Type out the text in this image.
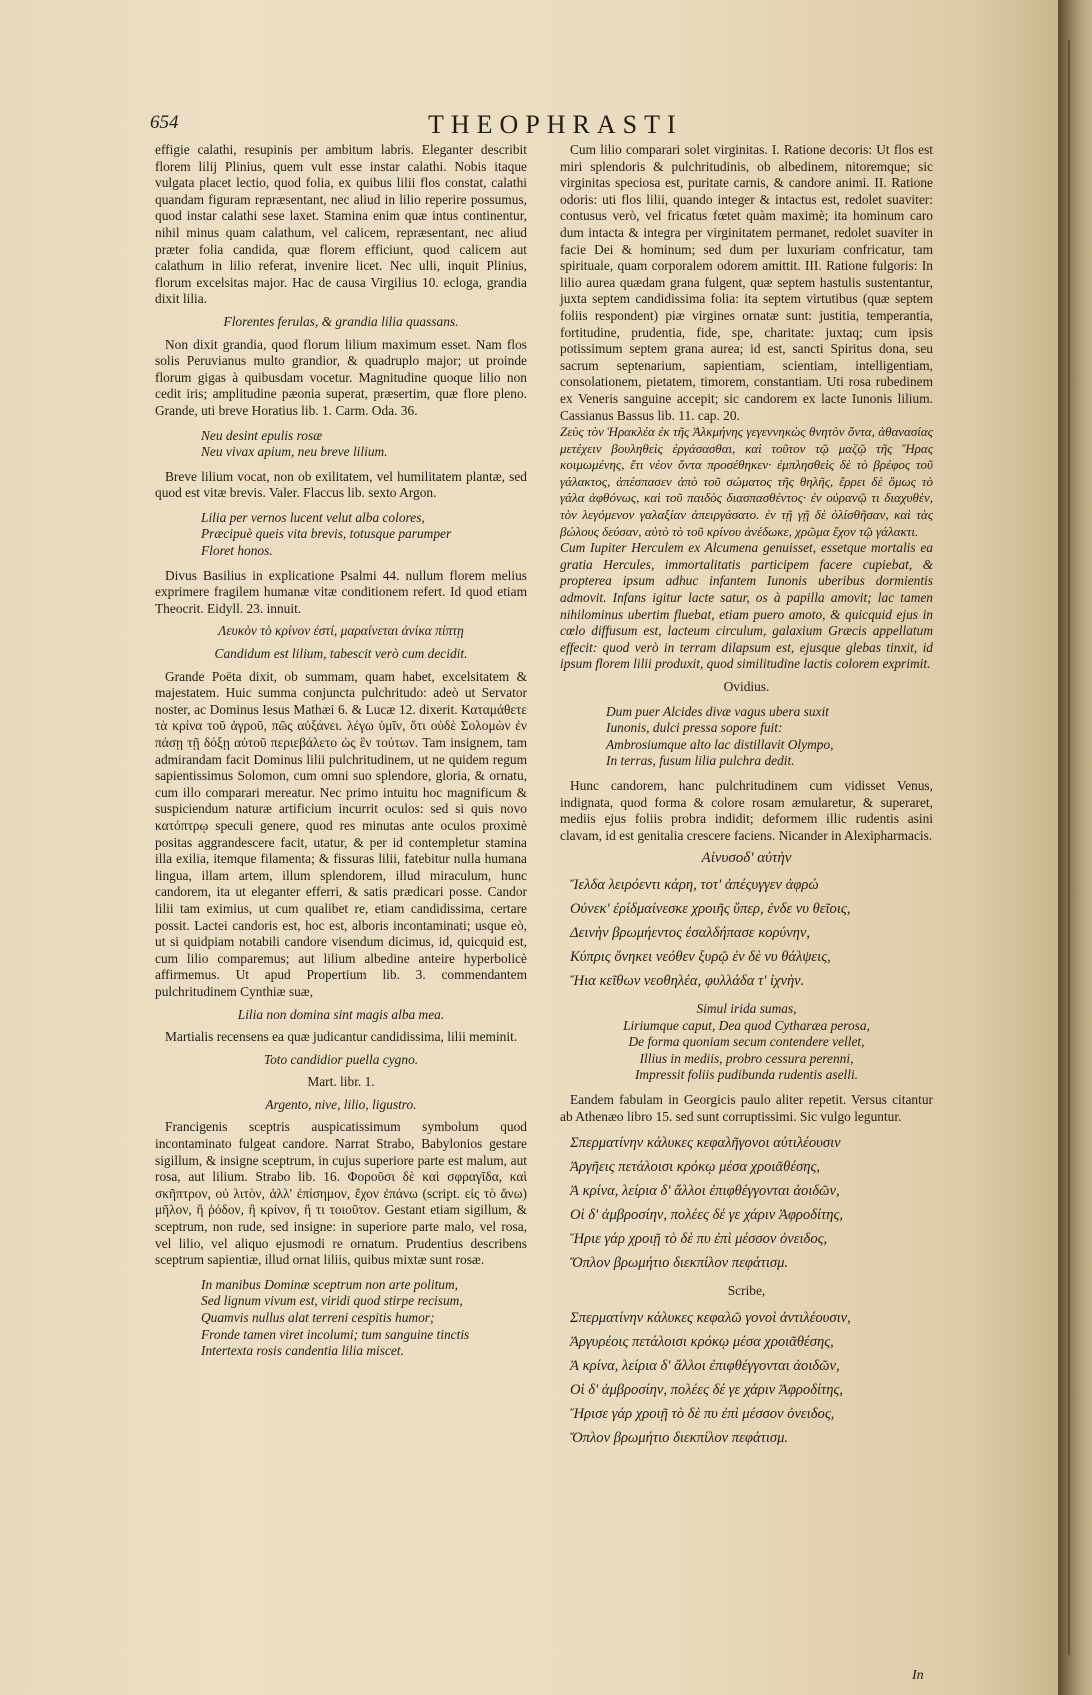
654	THEOPHRASTI

effigie calathi, resupinis per ambitum labris. Eleganter describit florem lilij Plinius, quem vult esse instar calathi. Nobis itaque vulgata placet lectio, quod folia, ex quibus lilii flos constat, calathi quandam figuram repræsentant, nec aliud in lilio reperire possumus, quod instar calathi sese laxet. Stamina enim quæ intus continentur, nihil minus quam calathum, vel calicem, repræsentant, nec aliud præter folia candida, quæ florem efficiunt, quod calicem aut calathum in lilio referat, invenire licet. Nec ulli, inquit Plinius, florum excelsitas major. Hac de causa Virgilius 10. ecloga, grandia dixit lilia.

Florentes ferulas, & grandia lilia quassans.

Non dixit grandia, quod florum lilium maximum esset. Nam flos solis Peruvianus multo grandior, & quadruplo major; ut proinde florum gigas à quibusdam vocetur. Magnitudine quoque lilio non cedit iris; amplitudine pæonia superat, præsertim, quæ flore pleno. Grande, uti breve Horatius lib. 1. Carm. Oda. 36.

Neu desint epulis rosæ
Neu vivax apium, neu breve lilium.

Breve lilium vocat, non ob exilitatem, vel humilitatem plantæ, sed quod est vitæ brevis. Valer. Flaccus lib. sexto Argon.

Lilia per vernos lucent velut alba colores,
Præcipuè queis vita brevis, totusque parumper
Floret honos.

Divus Basilius in explicatione Psalmi 44. nullum florem melius exprimere fragilem humanæ vitæ conditionem refert. Id quod etiam Theocrit. Eidyll. 23. innuit.

Λευκὸν τὸ κρίνον ἐστί, μαραίνεται ἀνίκα πίπτῃ
Candidum est lilium, tabescit verò cum decidit.

Grande Poëta dixit, ob summam, quam habet, excelsitatem & majestatem. Huic summa conjuncta pulchritudo: adeò ut Servator noster, ac Dominus Iesus Mathæi 6. & Lucæ 12. dixerit. Καταμάθετε τὰ κρίνα τοῦ ἀγροῦ, πῶς αὐξάνει. λέγω ὑμῖν, ὅτι οὐδὲ Σολομὼν ἐν πάσῃ τῇ δόξῃ αὐτοῦ περιεβάλετο ὡς ἓν τούτων. Tam insignem, tam admirandam facit Dominus lilii pulchritudinem, ut ne quidem regum sapientissimus Solomon, cum omni suo splendore, gloria, & ornatu, cum illo comparari mereatur. Nec primo intuitu hoc magnificum & suspiciendum naturæ artificium incurrit oculos: sed si quis novo κατόπτρῳ speculi genere, quod res minutas ante oculos proximè positas aggrandescere facit, utatur, & per id contempletur stamina illa exilia, itemque filamenta; & fissuras lilii, fatebitur nulla humana lingua, illam artem, illum splendorem, illud miraculum, hunc candorem, ita ut eleganter efferri, & satis prædicari posse. Candor lilii tam eximius, ut cum qualibet re, etiam candidissima, certare possit. Lactei candoris est, hoc est, alboris incontaminati; usque eò, ut si quidpiam notabili candore visendum dicimus, id, quicquid est, cum lilio comparemus; aut lilium albedine anteire hyperbolicè affirmemus. Ut apud Propertium lib. 3. commendantem pulchritudinem Cynthiæ suæ,

Lilia non domina sint magis alba mea.

Martialis recensens ea quæ judicantur candidissima, lilii meminit.

Toto candidior puella cygno.
Mart. libr. 1.
Argento, nive, lilio, ligustro.

Francigenis sceptris auspicatissimum symbolum quod incontaminato fulgeat candore. Narrat Strabo, Babylonios gestare sigillum, & insigne sceptrum, in cujus superiore parte est malum, aut rosa, aut lilium. Strabo lib. 16. Φοροῦσι δὲ καὶ σφραγῖδα, καὶ σκῆπτρον, οὐ λιτὸν, ἀλλ' ἐπίσημον, ἔχον ἐπάνω (script. εἰς τὸ ἄνω) μῆλον, ἢ ῥόδον, ἢ κρίνον, ἤ τι τοιοῦτον. Gestant etiam sigillum, & sceptrum, non rude, sed insigne: in superiore parte malo, vel rosa, vel lilio, vel aliquo ejusmodi re ornatum. Prudentius describens sceptrum sapientiæ, illud ornat liliis, quibus mixtæ sunt rosæ.

In manibus Dominæ sceptrum non arte politum,
Sed lignum vivum est, viridi quod stirpe recisum,
Quamvis nullus alat terreni cespitis humor;
Fronde tamen viret incolumi; tum sanguine tinctis
Intertexta rosis candentia lilia miscet.

Cum lilio comparari solet virginitas. I. Ratione decoris: Ut flos est miri splendoris & pulchritudinis, ob albedinem, nitoremque; sic virginitas speciosa est, puritate carnis, & candore animi. II. Ratione odoris: uti flos lilii, quando integer & intactus est, redolet suaviter: contusus verò, vel fricatus fœtet quàm maximè; ita hominum caro dum intacta & integra per virginitatem permanet, redolet suaviter in facie Dei & hominum; sed dum per luxuriam confricatur, tam spirituale, quam corporalem odorem amittit. III. Ratione fulgoris: In lilio aurea quædam grana fulgent, quæ septem hastulis sustentantur, juxta septem candidissima folia: ita septem virtutibus (quæ septem foliis respondent) piæ virgines ornatæ sunt: justitia, temperantia, fortitudine, prudentia, fide, spe, charitate: juxtaq; cum ipsis potissimum septem grana aurea; id est, sancti Spiritus dona, seu sacrum septenarium, sapientiam, scientiam, intelligentiam, consolationem, pietatem, timorem, constantiam. Uti rosa rubedinem ex Veneris sanguine accepit; sic candorem ex lacte Iunonis lilium. Cassianus Bassus lib. 11. cap. 20.

Ζεὺς τὸν Ἡρακλέα ἐκ τῆς Ἀλκμήνης γεγεννηκὼς θνητὸν ὄντα, ἀθανασίας μετέχειν βουληθεὶς ἐργάσασθαι, καὶ τοῦτον τῷ μαζῷ τῆς Ἥρας κοιμωμένης, ἔτι νέον ὄντα προσέθηκεν· ἐμπλησθεὶς δὲ τὸ βρέφος τοῦ γάλακτος, ἀπέσπασεν ἀπὸ τοῦ σώματος τῆς θηλῆς, ἔρρει δὲ ὅμως τὸ γάλα ἀφθόνως, καὶ τοῦ παιδὸς διασπασθέντος· ἐν οὐρανῷ τι διαχυθὲν, τὸν λεγόμενον γαλαξίαν ἀπειργάσατο. ἐν τῇ γῇ δὲ ὀλίσθῆσαν, καὶ τὰς βώλους δεύσαν, αὐτὸ τὸ τοῦ κρίνου ἀνέδωκε, χρῶμα ἔχον τῷ γάλακτι.

Cum Iupiter Herculem ex Alcumena genuisset, essetque mortalis ea gratia Hercules, immortalitatis participem facere cupiebat, & propterea ipsum adhuc infantem Iunonis uberibus dormientis admovit. Infans igitur lacte satur, os à papilla amovit; lac tamen nihilominus ubertim fluebat, etiam puero amoto, & quicquid ejus in cœlo diffusum est, lacteum circulum, galaxium Græcis appellatum effecit: quod verò in terram dilapsum est, ejusque glebas tinxit, id ipsum florem lilii produxit, quod similitudine lactis colorem exprimit.

Ovidius.
Dum puer Alcides divæ vagus ubera suxit
Iunonis, dulci pressa sopore fuit:
Ambrosiumque alto lac distillavit Olympo,
In terras, fusum lilia pulchra dedit.

Hunc candorem, hanc pulchritudinem cum vidisset Venus, indignata, quod forma & colore rosam æmularetur, & superaret, mediis ejus foliis probra indidit; deformem illic rudentis asini clavam, id est genitalia crescere faciens. Nicander in Alexipharmacis.

Αἰνυσοδ' αὐτὴν
Ἴελδα λειρόεντι κάρη, τοτ' ἀπέςυγγεν ἀφρώ
Οὐνεκ' ἐρίδμαίνεσκε χροιῆς ὕπερ, ἐνδε νυ θεῖοις,
Δεινὴν βρωμήεντος ἐσαλδήπασε κορύνην,
Κύπρις ὅνηκει νεόθεν ξυρῷ ἐν δὲ νυ θάλψεις,
Ἤια κεῖθων νεοθηλέα, φυλλάδα τ' ἰχνὴν.
Simul irida sumas,
Liriumque caput, Dea quod Cytharæa perosa,
De forma quoniam secum contendere vellet,
Illius in mediis, probro cessura perenni,
Impressit foliis pudibunda rudentis aselli.

Eandem fabulam in Georgicis paulo aliter repetit. Versus citantur ab Athenæo libro 15. sed sunt corruptissimi. Sic vulgo leguntur.

Σπερματίνην κάλυκες κεφαλῆγονοι αὐτιλέουσιν
Ἀργῆεις πετάλοισι κρόκῳ μέσα χροιᾶθέσης,
Ἀ κρίνα, λείρια δ' ἄλλοι ἐπιφθέγγονται ἀοιδῶν,
Οἱ δ' ἀμβροσίην, πολέες δέ γε χάριν Ἀφροδίτης,
Ἥριε γάρ χροιῇ τὸ δὲ πυ ἐπὶ μέσσον ὀνειδος,
Ὅπλον βρωμήτιο διεκπίλον πεφάτισμ.
Scribe,
Σπερματίνην κάλυκες κεφαλῶ γονοὶ ἀντιλέουσιν,
Ἀργυρέοις πετάλοισι κρόκῳ μέσα χροιᾶθέσης,
Ἀ κρίνα, λείρια δ' ἄλλοι ἐπιφθέγγονται ἀοιδῶν,
Οἱ δ' ἀμβροσίην, πολέες δέ γε χάριν Ἀφροδίτης,
Ἤρισε γάρ χροιῇ τὸ δὲ πυ ἐπὶ μέσσον ὀνειδος,
Ὅπλον βρωμήτιο διεκπίλον πεφάτισμ.
In
